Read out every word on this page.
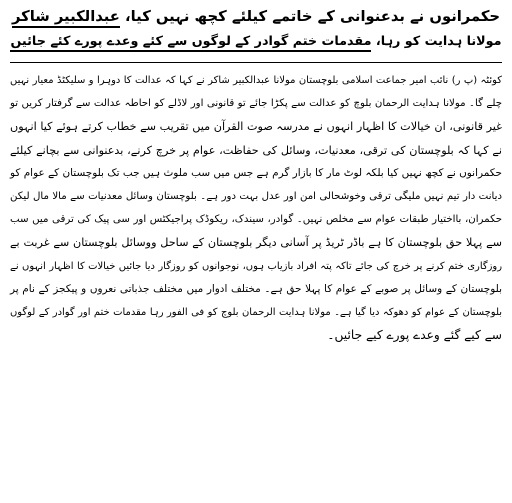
حکمرانوں نے بدعنوانی کے خاتمے کیلئے کچھ نہیں کیا، عبدالکبیر شاکر
مولانا ہدایت کو رہا، مقدمات ختم گوادر کے لوگوں سے کئے وعدے پورے کئے جائیں

کوئٹہ (پ ر) نائب امیر جماعت اسلامی بلوچستان مولانا عبدالکبیر شاکر نے کہا کہ عدالت کا دوہرا و سلیکٹڈ معیار نہیں
چلے گا۔ مولانا ہدایت الرحمان بلوچ کو عدالت سے پکڑا جائے تو قانونی اور لاڈلے کو احاطہ عدالت سے گرفتار کریں تو
غیر قانونی، ان خیالات کا اظہار انہوں نے مدرسہ صوت القرآن میں تقریب سے خطاب کرتے ہوئے کیا انہوں
نے کہا کہ بلوچستان کی ترقی، معدنیات، وسائل کی حفاظت، عوام پر خرچ کرنے، بدعنوانی سے بچانے کیلئے
حکمرانوں نے کچھ نہیں کیا بلکہ لوٹ مار کا بازار گرم ہے جس میں سب ملوث ہیں جب تک بلوچستان کے عوام کو
دیانت دار تیم نہیں ملیگی ترقی وخوشحالی امن اور عدل بہت دور ہے۔ بلوچستان وسائل معدنیات سے مالا مال لیکن
حکمران، بااختیار طبقات عوام سے مخلص نہیں۔ گوادر، سیندک، ریکوڈک پراجیکٹس اور سی پیک کی ترقی میں سب
سے پہلا حق بلوچستان کا ہے باڈر ٹریڈ پر آسانی دیگر بلوچستان کے ساحل ووسائل بلوچستان سے غربت بے
روزگاری ختم کرنے پر خرچ کی جائے تاکہ پتہ افراد بازیاب ہوں، نوجوانوں کو روزگار دیا جائیں خیالات کا اظہار انہوں نے
بلوچستان کے وسائل پر صوبے کے عوام کا پہلا حق ہے۔ مختلف ادوار میں مختلف جذباتی نعروں و پیکجز کے نام پر
بلوچستان کے عوام کو دھوکہ دیا گیا ہے۔ مولانا ہدایت الرحمان بلوچ کو فی الفور رہا مقدمات ختم اور گوادر کے لوگوں
سے کیے گئے وعدے پورے کیے جائیں۔
